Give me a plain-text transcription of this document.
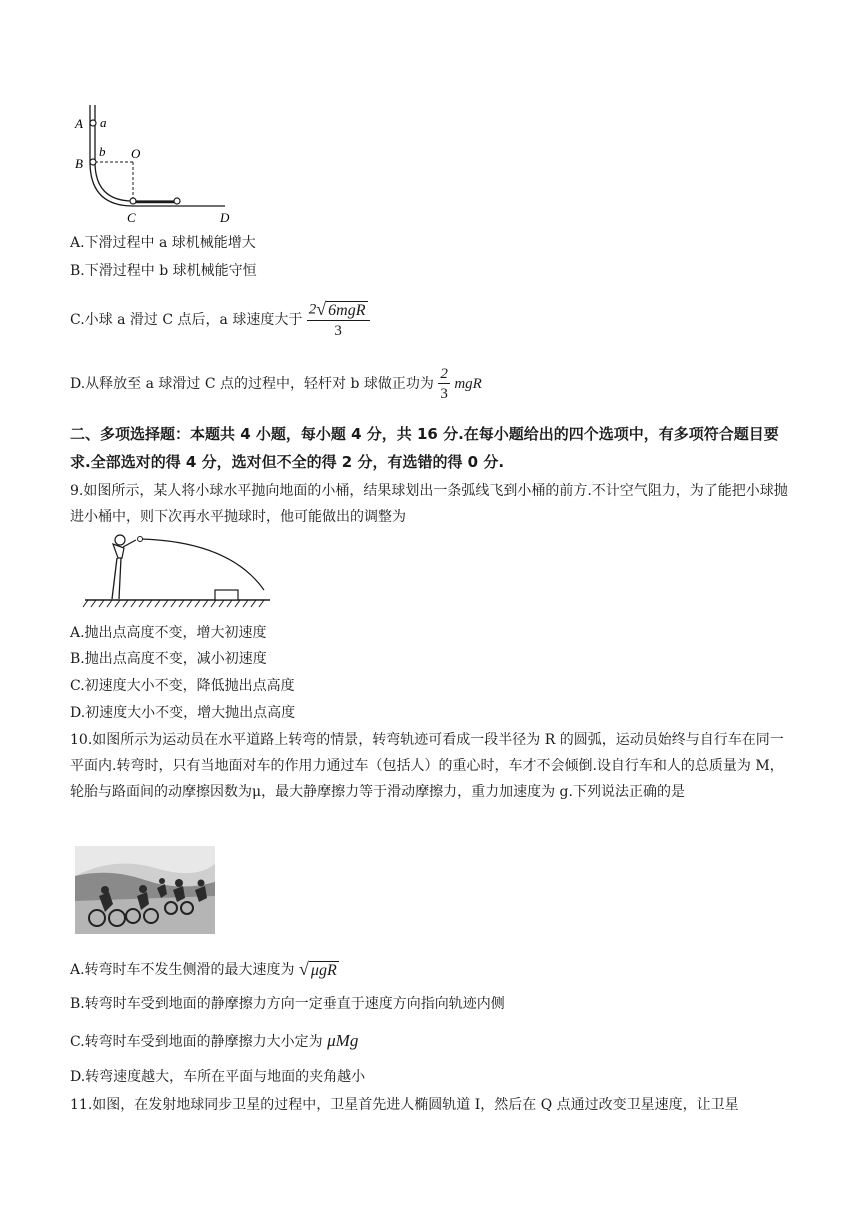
A a
b
B
O
C	D
A.下滑过程中 a 球机械能增大
B.下滑过程中 b 球机械能守恒
C.小球 a 滑过 C 点后，a 球速度大于 $\frac{\text{2√ 6mgR}}{3}$
D.从释放至 a 球滑过 C 点的过程中，轻杆对 b 球做正功为 $\frac{2}{3}$ mgR
二、多项选择题：本题共 4 小题，每小题 4 分，共 16 分.在每小题给出的四个选项中，有多项符合题目要求.全部选对的得 4 分，选对但不全的得 2 分，有选错的得 0 分.
9.如图所示，某人将小球水平抛向地面的小桶，结果球划出一条弧线飞到小桶的前方.不计空气阻力，为了能把小球抛进小桶中，则下次再水平抛球时，他可能做出的调整为
A.抛出点高度不变，增大初速度
B.抛出点高度不变，减小初速度
C.初速度大小不变，降低抛出点高度
D.初速度大小不变，增大抛出点高度
10.如图所示为运动员在水平道路上转弯的情景，转弯轨迹可看成一段半径为 R 的圆弧，运动员始终与自行车在同一平面内.转弯时，只有当地面对车的作用力通过车（包括人）的重心时，车才不会倾倒.设自行车和人的总质量为 M，轮胎与路面间的动摩擦因数为μ，最大静摩擦力等于滑动摩擦力，重力加速度为 g.下列说法正确的是
A.转弯时车不发生侧滑的最大速度为 √ μgR
B.转弯时车受到地面的静摩擦力方向一定垂直于速度方向指向轨迹内侧
C.转弯时车受到地面的静摩擦力大小定为 μMg
D.转弯速度越大，车所在平面与地面的夹角越小
11.如图，在发射地球同步卫星的过程中，卫星首先进人椭圆轨道 I，然后在 Q 点通过改变卫星速度，让卫星
